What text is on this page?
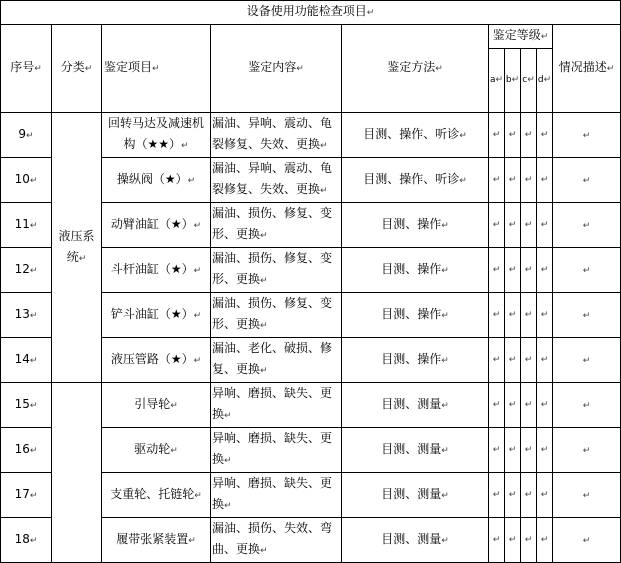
设备使用功能检查项目↵									
序号↵	分类↵	鉴定项目↵	鉴定内容↵	鉴定方法↵	鉴定等级↵				情况描述↵
					a↵	b↵	c↵	d↵	
9↵	液压系统↵	回转马达及减速机构（★★）↵	漏油、异响、震动、龟裂修复、失效、更换↵	目测、操作、听诊↵	↵	↵	↵	↵	↵
10↵		操纵阀（★）↵	漏油、异响、震动、龟裂修复、失效、更换↵	目测、操作、听诊↵	↵	↵	↵	↵	↵
11↵		动臂油缸（★）↵	漏油、损伤、修复、变形、更换↵	目测、操作↵	↵	↵	↵	↵	↵
12↵		斗杆油缸（★）↵	漏油、损伤、修复、变形、更换↵	目测、操作↵	↵	↵	↵	↵	↵
13↵		铲斗油缸（★）↵	漏油、损伤、修复、变形、更换↵	目测、操作↵	↵	↵	↵	↵	↵
14↵		液压管路（★）↵	漏油、老化、破损、修复、更换↵	目测、操作↵	↵	↵	↵	↵	↵
15↵		引导轮↵	异响、磨损、缺失、更换↵	目测、测量↵	↵	↵	↵	↵	↵
16↵		驱动轮↵	异响、磨损、缺失、更换↵	目测、测量↵	↵	↵	↵	↵	↵
17↵		支重轮、托链轮↵	异响、磨损、缺失、更换↵	目测、测量↵	↵	↵	↵	↵	↵
18↵		履带张紧装置↵	漏油、损伤、失效、弯曲、更换↵	目测、测量↵	↵	↵	↵	↵	↵
